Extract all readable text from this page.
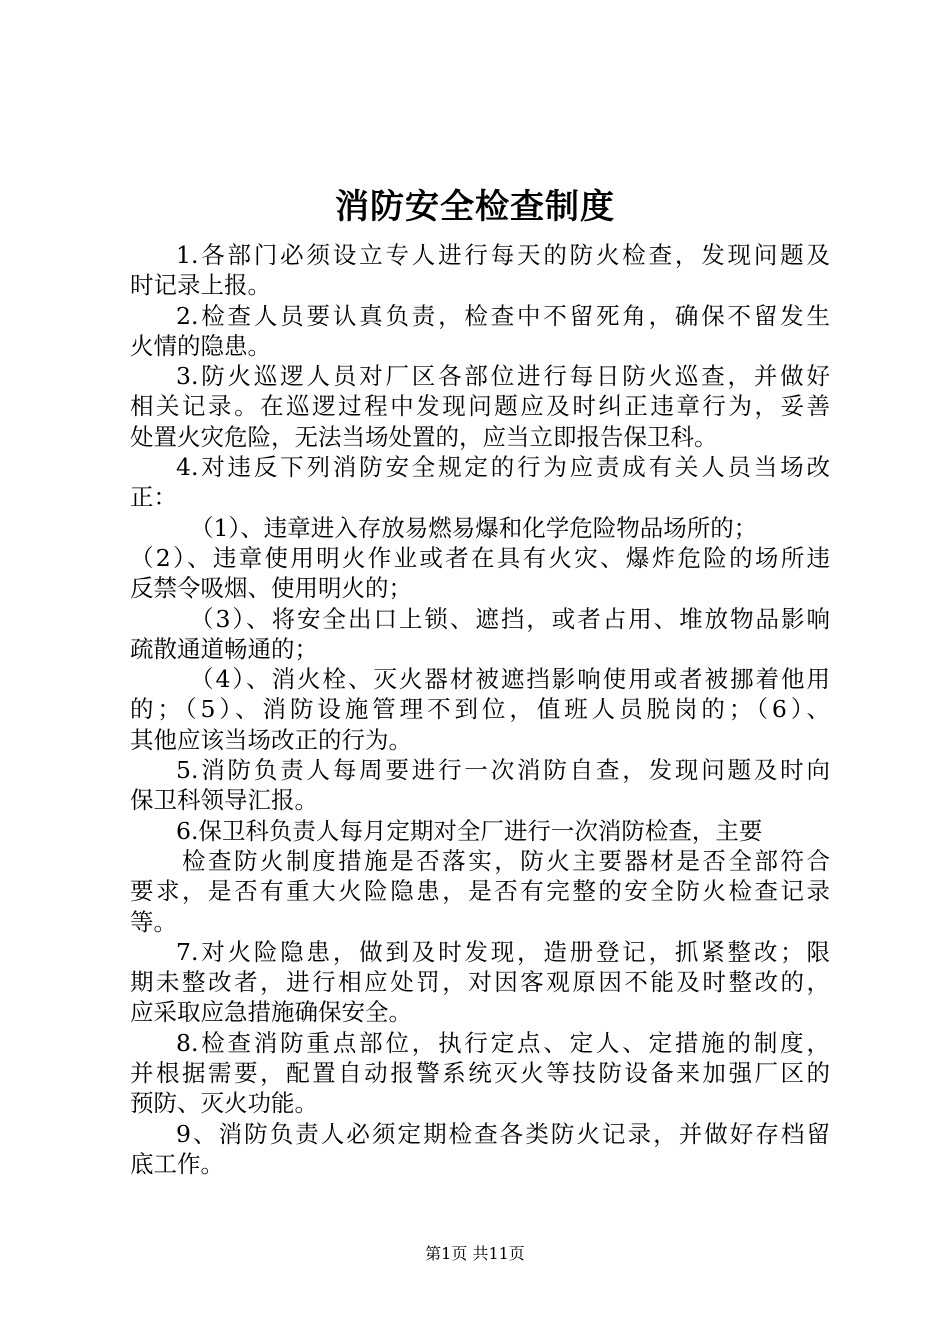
消防安全检查制度
1.各部门必须设立专人进行每天的防火检查，发现问题及
时记录上报。
2.检查人员要认真负责，检查中不留死角，确保不留发生
火情的隐患。
3.防火巡逻人员对厂区各部位进行每日防火巡查，并做好
相关记录。在巡逻过程中发现问题应及时纠正违章行为，妥善
处置火灾危险，无法当场处置的，应当立即报告保卫科。
4.对违反下列消防安全规定的行为应责成有关人员当场改
正：
（1）、违章进入存放易燃易爆和化学危险物品场所的；
（2）、违章使用明火作业或者在具有火灾、爆炸危险的场所违
反禁令吸烟、使用明火的；
（3）、将安全出口上锁、遮挡，或者占用、堆放物品影响
疏散通道畅通的；
（4）、消火栓、灭火器材被遮挡影响使用或者被挪着他用
的；（5）、消防设施管理不到位，值班人员脱岗的；（6）、
其他应该当场改正的行为。
5.消防负责人每周要进行一次消防自查，发现问题及时向
保卫科领导汇报。
6.保卫科负责人每月定期对全厂进行一次消防检查，主要
检查防火制度措施是否落实，防火主要器材是否全部符合
要求，是否有重大火险隐患，是否有完整的安全防火检查记录
等。
7.对火险隐患，做到及时发现，造册登记，抓紧整改；限
期未整改者，进行相应处罚，对因客观原因不能及时整改的，
应采取应急措施确保安全。
8.检查消防重点部位，执行定点、定人、定措施的制度，
并根据需要，配置自动报警系统灭火等技防设备来加强厂区的
预防、灭火功能。
9、消防负责人必须定期检查各类防火记录，并做好存档留
底工作。
第1页 共11页
